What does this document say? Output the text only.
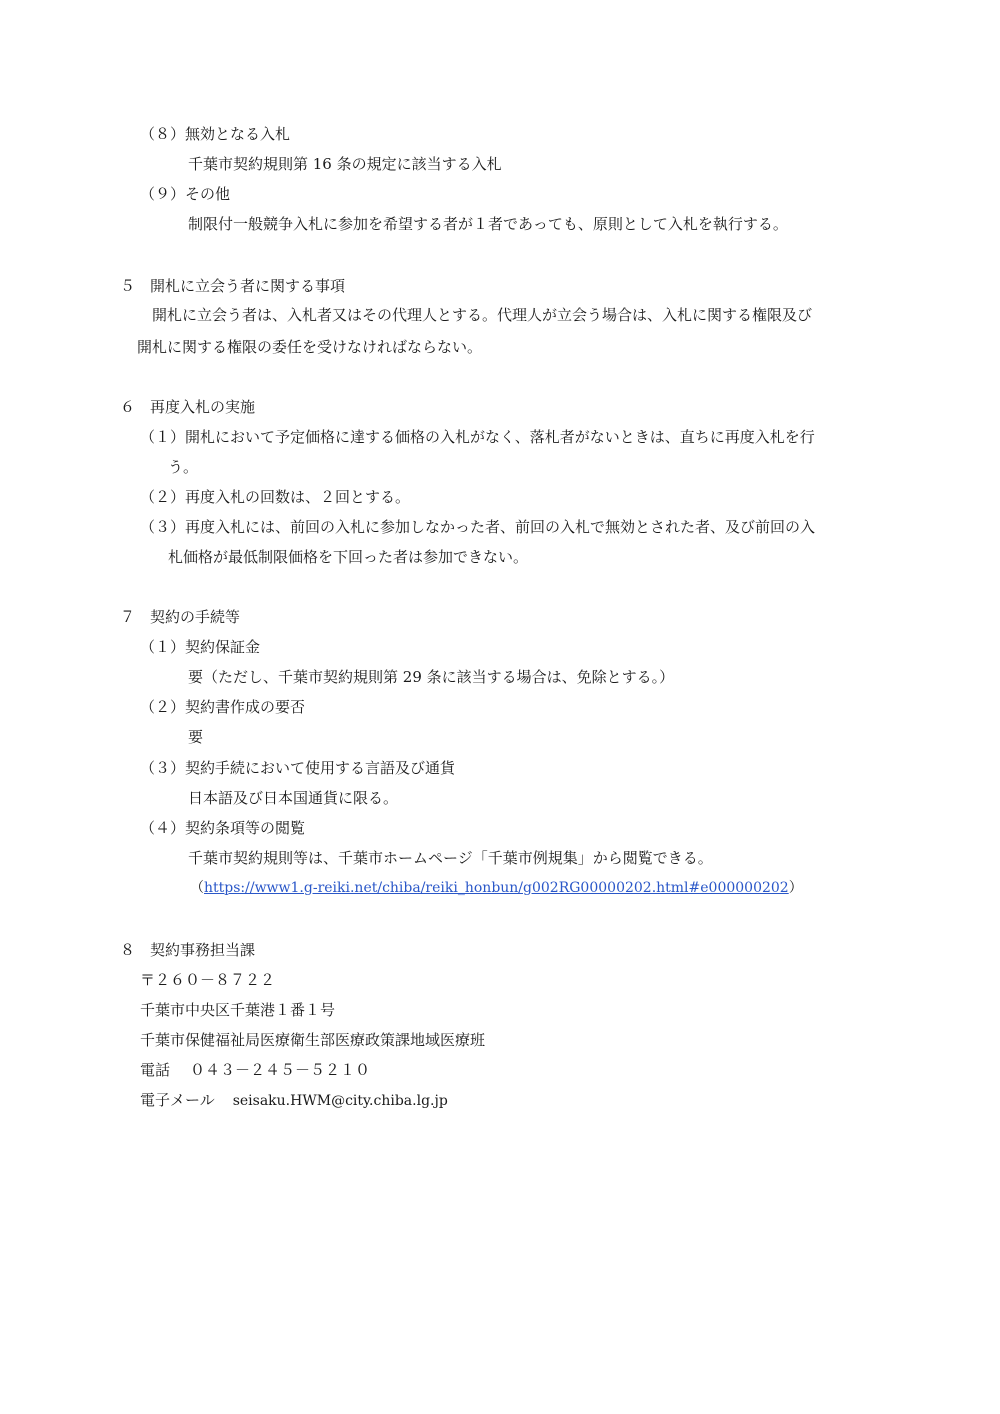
（８）無効となる入札

千葉市契約規則第 16 条の規定に該当する入札

（９）その他

制限付一般競争入札に参加を希望する者が１者であっても、原則として入札を執行する。

５　開札に立会う者に関する事項

開札に立会う者は、入札者又はその代理人とする。代理人が立会う場合は、入札に関する権限及び

開札に関する権限の委任を受けなければならない。

６　再度入札の実施

（１）開札において予定価格に達する価格の入札がなく、落札者がないときは、直ちに再度入札を行

う。

（２）再度入札の回数は、２回とする。

（３）再度入札には、前回の入札に参加しなかった者、前回の入札で無効とされた者、及び前回の入

札価格が最低制限価格を下回った者は参加できない。

７　契約の手続等

（１）契約保証金

要（ただし、千葉市契約規則第 29 条に該当する場合は、免除とする。）

（２）契約書作成の要否

要

（３）契約手続において使用する言語及び通貨

日本語及び日本国通貨に限る。

（４）契約条項等の閲覧

千葉市契約規則等は、千葉市ホームページ「千葉市例規集」から閲覧できる。

（https://www1.g-reiki.net/chiba/reiki_honbun/g002RG00000202.html#e000000202）

８　契約事務担当課

〒２６０－８７２２

千葉市中央区千葉港１番１号

千葉市保健福祉局医療衛生部医療政策課地域医療班

電話 ０４３－２４５－５２１０

電子メール seisaku.HWM@city.chiba.lg.jp
